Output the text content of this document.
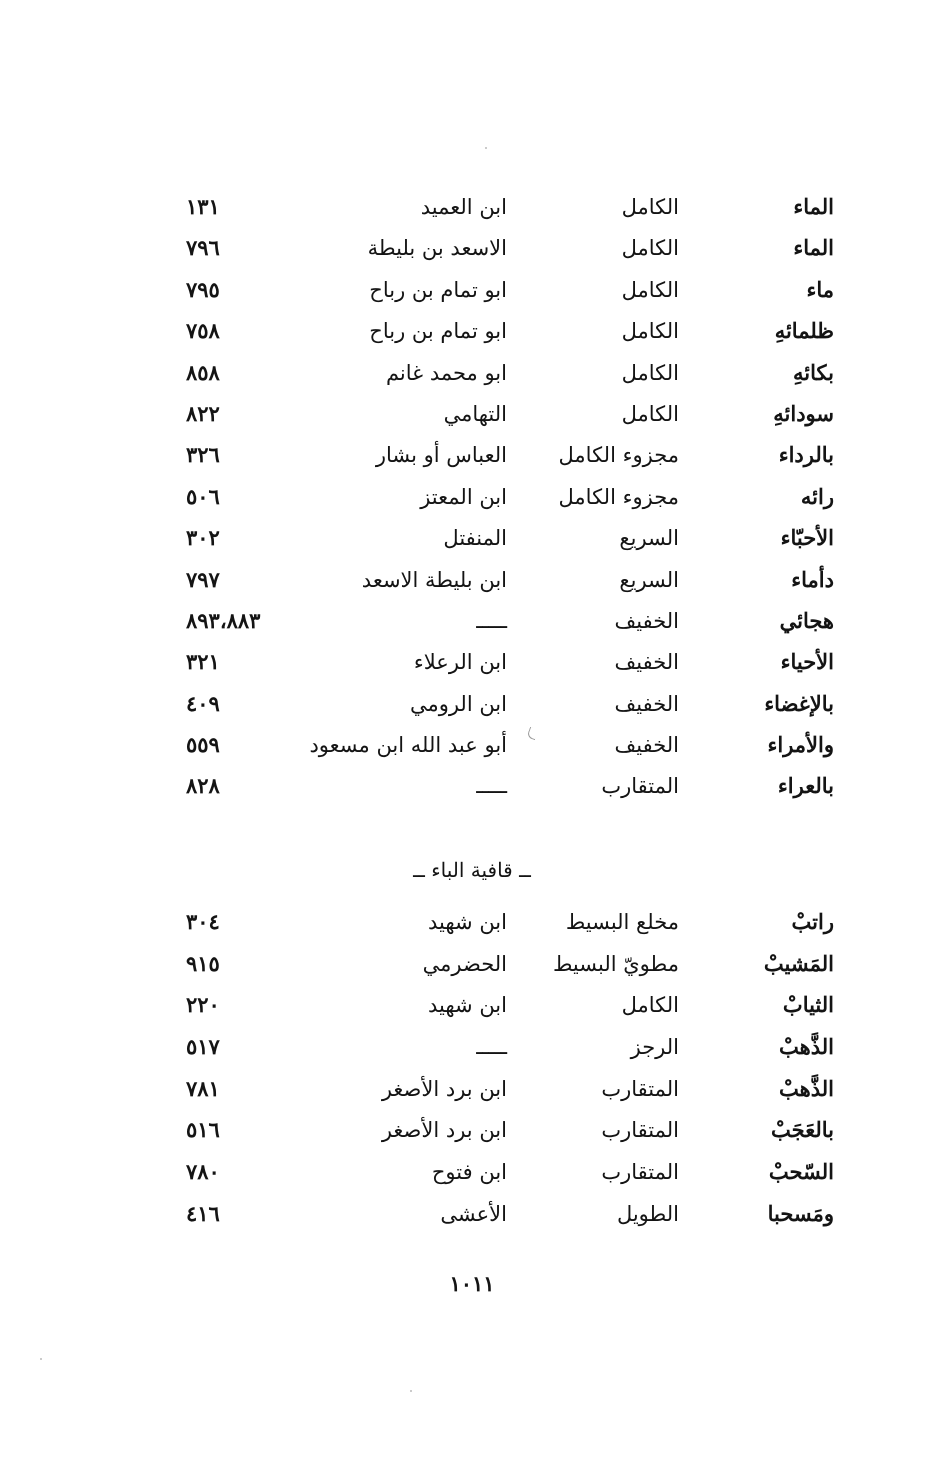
الماء
الكامل
ابن العميد
١٣١
الماء
الكامل
الاسعد بن بليطة
٧٩٦
ماء
الكامل
ابو تمام بن رباح
٧٩٥
ظلمائهِ
الكامل
ابو تمام بن رباح
٧٥٨
بكائهِ
الكامل
ابو محمد غانم
٨٥٨
سودائهِ
الكامل
التهامي
٨٢٢
بالرداء
مجزوء الكامل
العباس أو بشار
٣٢٦
رائه
مجزوء الكامل
ابن المعتز
٥٠٦
الأحبّاء
السريع
المنفتل
٣٠٢
دأماء
السريع
ابن بليطة الاسعد
٧٩٧
هجائي
الخفيف
ـــــ
٨٩٣،٨٨٣
الأحياء
الخفيف
ابن الرعلاء
٣٢١
بالإغضاء
الخفيف
ابن الرومي
٤٠٩
والأمراء
الخفيف
أبو عبد الله ابن مسعود
٥٥٩
بالعراء
المتقارب
ـــــ
٨٢٨
ــ قافية الباء ــ
راتبْ
مخلع البسيط
ابن شهيد
٣٠٤
المَشيبْ
مطويّ البسيط
الحضرمي
٩١٥
الثيابْ
الكامل
ابن شهيد
٢٢٠
الذَّهبْ
الرجز
ـــــ
٥١٧
الذَّهبْ
المتقارب
ابن برد الأصغر
٧٨١
بالعَجَبْ
المتقارب
ابن برد الأصغر
٥١٦
السّحبْ
المتقارب
ابن فتوح
٧٨٠
ومَسحبا
الطويل
الأعشى
٤١٦
١٠١١
